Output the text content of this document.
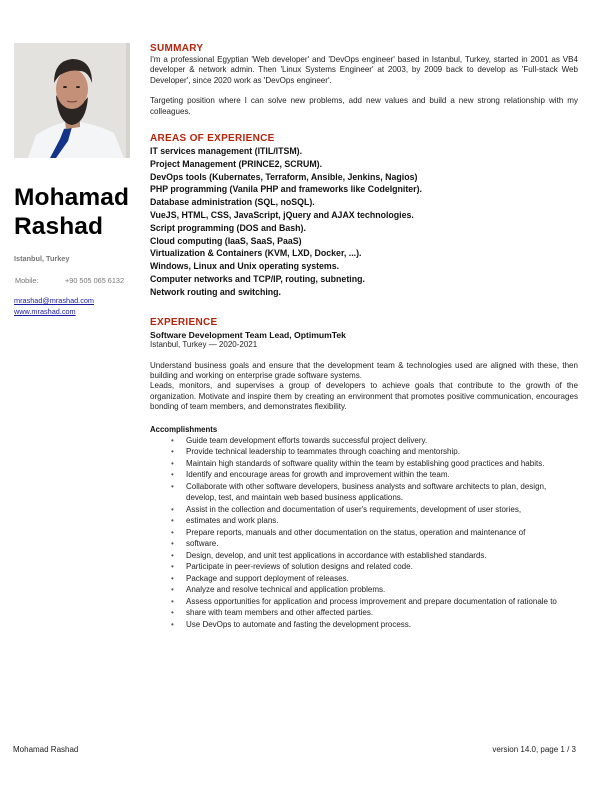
Mohamad
Rashad
Istanbul, Turkey
Mobile:	+90 505 065 6132
mrashad@mrashad.com
www.mrashad.com
SUMMARY

I'm a professional Egyptian 'Web developer' and 'DevOps engineer' based in Istanbul, Turkey, started in 2001 as VB4 developer & network admin. Then 'Linux Systems Engineer' at 2003, by 2009 back to develop as 'Full-stack Web Developer', since 2020 work as 'DevOps engineer'.

Targeting position where I can solve new problems, add new values and build a new strong relationship with my colleagues.

AREAS OF EXPERIENCE
IT services management (ITIL/ITSM).
Project Management (PRINCE2, SCRUM).
DevOps tools (Kubernates, Terraform, Ansible, Jenkins, Nagios)
PHP programming (Vanila PHP and frameworks like CodeIgniter).
Database administration (SQL, noSQL).
VueJS, HTML, CSS, JavaScript, jQuery and AJAX technologies.
Script programming (DOS and Bash).
Cloud computing (IaaS, SaaS, PaaS)
Virtualization & Containers (KVM, LXD, Docker, ...).
Windows, Linux and Unix operating systems.
Computer networks and TCP/IP, routing, subneting.
Network routing and switching.
EXPERIENCE
Software Development Team Lead, OptimumTek
Istanbul, Turkey — 2020-2021

Understand business goals and ensure that the development team & technologies used are aligned with these, then building and working on enterprise grade software systems.

Leads, monitors, and supervises a group of developers to achieve goals that contribute to the growth of the organization. Motivate and inspire them by creating an environment that promotes positive communication, encourages bonding of team members, and demonstrates flexibility.

Accomplishments
• Guide team development efforts towards successful project delivery.
• Provide technical leadership to teammates through coaching and mentorship.
• Maintain high standards of software quality within the team by establishing good practices and habits.
• Identify and encourage areas for growth and improvement within the team.
• Collaborate with other software developers, business analysts and software architects to plan, design, develop, test, and maintain web based business applications.
• Assist in the collection and documentation of user's requirements, development of user stories,
• estimates and work plans.
• Prepare reports, manuals and other documentation on the status, operation and maintenance of
• software.
• Design, develop, and unit test applications in accordance with established standards.
• Participate in peer-reviews of solution designs and related code.
• Package and support deployment of releases.
• Analyze and resolve technical and application problems.
• Assess opportunities for application and process improvement and prepare documentation of rationale to
• share with team members and other affected parties.
• Use DevOps to automate and fasting the development process.
Mohamad Rashad	version 14.0, page 1 / 3
